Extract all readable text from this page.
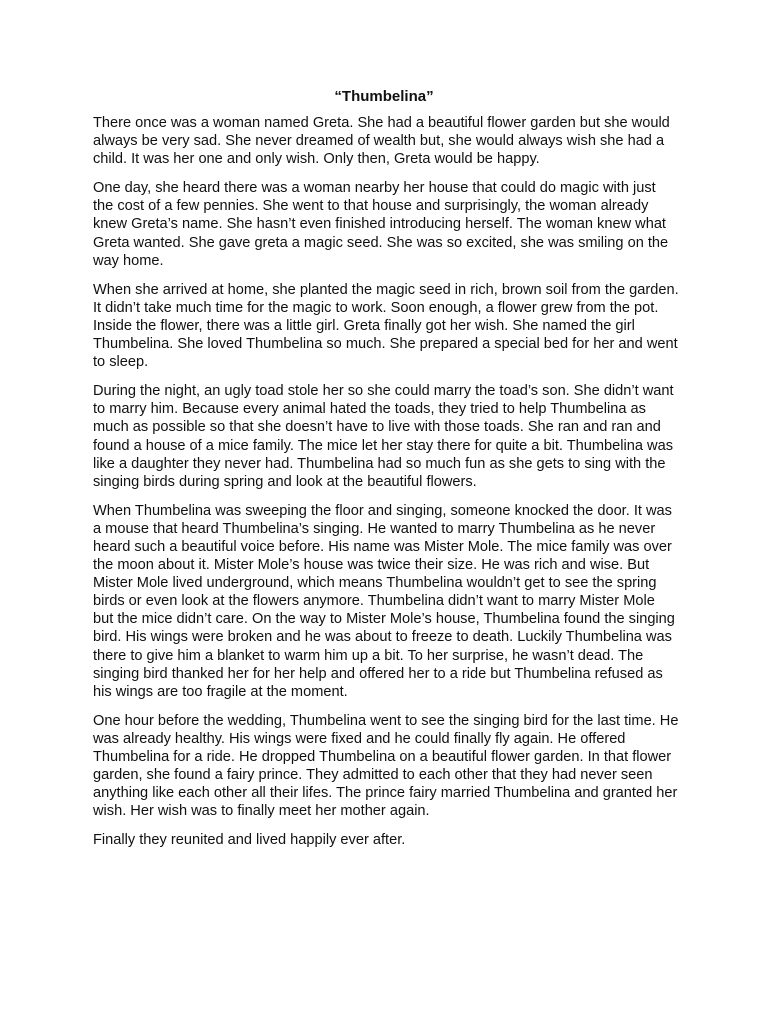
“Thumbelina”

There once was a woman named Greta. She had a beautiful flower garden but she would always be very sad. She never dreamed of wealth but, she would always wish she had a child. It was her one and only wish. Only then, Greta would be happy.

One day, she heard there was a woman nearby her house that could do magic with just the cost of a few pennies. She went to that house and surprisingly, the woman already knew Greta’s name. She hasn’t even finished introducing herself. The woman knew what Greta wanted. She gave greta a magic seed. She was so excited, she was smiling on the way home.

When she arrived at home, she planted the magic seed in rich, brown soil from the garden. It didn’t take much time for the magic to work. Soon enough, a flower grew from the pot. Inside the flower, there was a little girl. Greta finally got her wish. She named the girl Thumbelina. She loved Thumbelina so much. She prepared a special bed for her and went to sleep.

During the night, an ugly toad stole her so she could marry the toad’s son. She didn’t want to marry him. Because every animal hated the toads, they tried to help Thumbelina as much as possible so that she doesn’t have to live with those toads. She ran and ran and found a house of a mice family. The mice let her stay there for quite a bit. Thumbelina was like a daughter they never had. Thumbelina had so much fun as she gets to sing with the singing birds during spring and look at the beautiful flowers.

When Thumbelina was sweeping the floor and singing, someone knocked the door. It was a mouse that heard Thumbelina’s singing. He wanted to marry Thumbelina as he never heard such a beautiful voice before. His name was Mister Mole. The mice family was over the moon about it. Mister Mole’s house was twice their size. He was rich and wise. But Mister Mole lived underground, which means Thumbelina wouldn’t get to see the spring birds or even look at the flowers anymore. Thumbelina didn’t want to marry Mister Mole but the mice didn’t care. On the way to Mister Mole’s house, Thumbelina found the singing bird. His wings were broken and he was about to freeze to death. Luckily Thumbelina was there to give him a blanket to warm him up a bit. To her surprise, he wasn’t dead. The singing bird thanked her for her help and offered her to a ride but Thumbelina refused as his wings are too fragile at the moment.

One hour before the wedding, Thumbelina went to see the singing bird for the last time. He was already healthy. His wings were fixed and he could finally fly again. He offered Thumbelina for a ride. He dropped Thumbelina on a beautiful flower garden. In that flower garden, she found a fairy prince. They admitted to each other that they had never seen anything like each other all their lifes. The prince fairy married Thumbelina and granted her wish. Her wish was to finally meet her mother again.

Finally they reunited and lived happily ever after.
